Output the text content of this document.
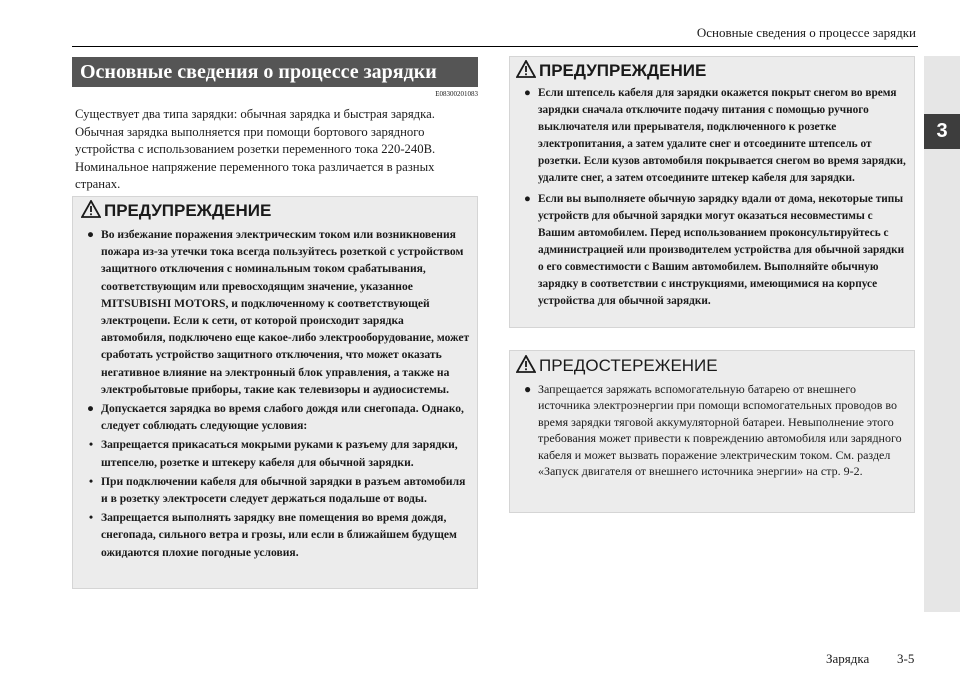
Основные сведения о процессе зарядки
3
Основные сведения о процессе зарядки
E08300201083

Существует два типа зарядки: обычная зарядка и быстрая зарядка.

Обычная зарядка выполняется при помощи бортового зарядного устройства с использованием розетки переменного тока 220-240В.

Номинальное напряжение переменного тока различается в разных странах.

ПРЕДУПРЕЖДЕНИЕ

● Во избежание поражения электрическим током или возникновения пожара из-за утечки тока всегда пользуйтесь розеткой с устройством защитного отключения с номинальным током срабатывания, соответствующим или превосходящим значение, указанное MITSUBISHI MOTORS, и подключенному к соответствующей электроцепи. Если к сети, от которой происходит зарядка автомобиля, подключено еще какое-либо электрооборудование, может сработать устройство защитного отключения, что может оказать негативное влияние на электронный блок управления, а также на электробытовые приборы, такие как телевизоры и аудиосистемы.

● Допускается зарядка во время слабого дождя или снегопада. Однако, следует соблюдать следующие условия:

• Запрещается прикасаться мокрыми руками к разъему для зарядки, штепселю, розетке и штекеру кабеля для обычной зарядки.

• При подключении кабеля для обычной зарядки в разъем автомобиля и в розетку электросети следует держаться подальше от воды.

• Запрещается выполнять зарядку вне помещения во время дождя, снегопада, сильного ветра и грозы, или если в ближайшем будущем ожидаются плохие погодные условия.

ПРЕДУПРЕЖДЕНИЕ

● Если штепсель кабеля для зарядки окажется покрыт снегом во время зарядки сначала отключите подачу питания с помощью ручного выключателя или прерывателя, подключенного к розетке электропитания, а затем удалите снег и отсоедините штепсель от розетки. Если кузов автомобиля покрывается снегом во время зарядки, удалите снег, а затем отсоедините штекер кабеля для зарядки.

● Если вы выполняете обычную зарядку вдали от дома, некоторые типы устройств для обычной зарядки могут оказаться несовместимы с Вашим автомобилем. Перед использованием проконсультируйтесь с администрацией или производителем устройства для обычной зарядки о его совместимости с Вашим автомобилем. Выполняйте обычную зарядку в соответствии с инструкциями, имеющимися на корпусе устройства для обычной зарядки.

ПРЕДОСТЕРЕЖЕНИЕ

● Запрещается заряжать вспомогательную батарею от внешнего источника электроэнергии при помощи вспомогательных проводов во время зарядки тяговой аккумуляторной батареи. Невыполнение этого требования может привести к повреждению автомобиля или зарядного кабеля и может вызвать поражение электрическим током. См. раздел «Запуск двигателя от внешнего источника энергии» на стр. 9-2.

Зарядка 3-5
